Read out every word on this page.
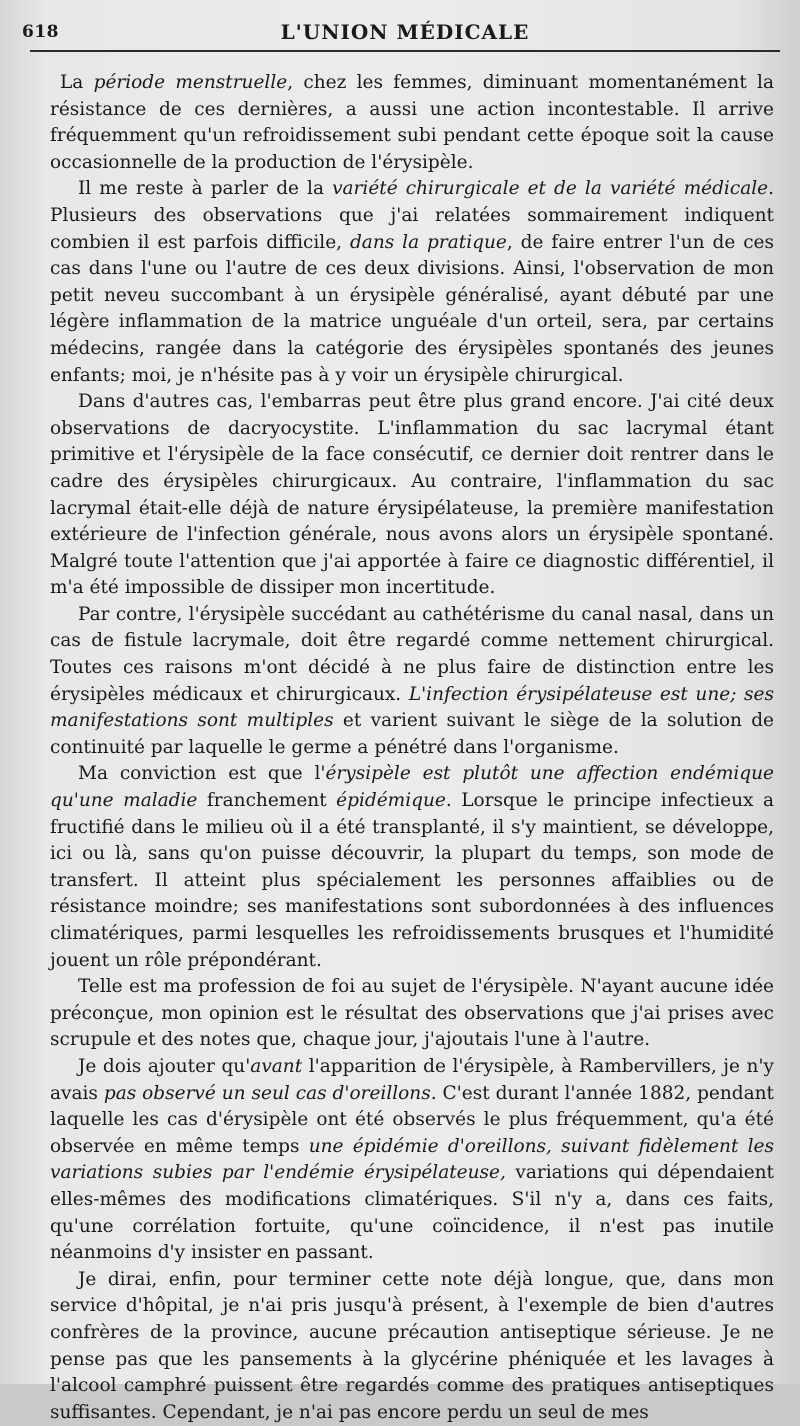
618	L'UNION MÉDICALE

La période menstruelle, chez les femmes, diminuant momentanément la résistance de ces dernières, a aussi une action incontestable. Il arrive fréquemment qu'un refroidissement subi pendant cette époque soit la cause occasionnelle de la production de l'érysipèle.

Il me reste à parler de la variété chirurgicale et de la variété médicale. Plusieurs des observations que j'ai relatées sommairement indiquent combien il est parfois difficile, dans la pratique, de faire entrer l'un de ces cas dans l'une ou l'autre de ces deux divisions. Ainsi, l'observation de mon petit neveu succombant à un érysipèle généralisé, ayant débuté par une légère inflammation de la matrice unguéale d'un orteil, sera, par certains médecins, rangée dans la catégorie des érysipèles spontanés des jeunes enfants; moi, je n'hésite pas à y voir un érysipèle chirurgical.

Dans d'autres cas, l'embarras peut être plus grand encore. J'ai cité deux observations de dacryocystite. L'inflammation du sac lacrymal étant primitive et l'érysipèle de la face consécutif, ce dernier doit rentrer dans le cadre des érysipèles chirurgicaux. Au contraire, l'inflammation du sac lacrymal était-elle déjà de nature érysipélateuse, la première manifestation extérieure de l'infection générale, nous avons alors un érysipèle spontané. Malgré toute l'attention que j'ai apportée à faire ce diagnostic différentiel, il m'a été impossible de dissiper mon incertitude.

Par contre, l'érysipèle succédant au cathétérisme du canal nasal, dans un cas de fistule lacrymale, doit être regardé comme nettement chirurgical. Toutes ces raisons m'ont décidé à ne plus faire de distinction entre les érysipèles médicaux et chirurgicaux. L'infection érysipélateuse est une; ses manifestations sont multiples et varient suivant le siège de la solution de continuité par laquelle le germe a pénétré dans l'organisme.

Ma conviction est que l'érysipèle est plutôt une affection endémique qu'une maladie franchement épidémique. Lorsque le principe infectieux a fructifié dans le milieu où il a été transplanté, il s'y maintient, se développe, ici ou là, sans qu'on puisse découvrir, la plupart du temps, son mode de transfert. Il atteint plus spécialement les personnes affaiblies ou de résistance moindre; ses manifestations sont subordonnées à des influences climatériques, parmi lesquelles les refroidissements brusques et l'humidité jouent un rôle prépondérant.

Telle est ma profession de foi au sujet de l'érysipèle. N'ayant aucune idée préconçue, mon opinion est le résultat des observations que j'ai prises avec scrupule et des notes que, chaque jour, j'ajoutais l'une à l'autre.

Je dois ajouter qu'avant l'apparition de l'érysipèle, à Rambervillers, je n'y avais pas observé un seul cas d'oreillons. C'est durant l'année 1882, pendant laquelle les cas d'érysipèle ont été observés le plus fréquemment, qu'a été observée en même temps une épidémie d'oreillons, suivant fidèlement les variations subies par l'endémie érysipélateuse, variations qui dépendaient elles-mêmes des modifications climatériques. S'il n'y a, dans ces faits, qu'une corrélation fortuite, qu'une coïncidence, il n'est pas inutile néanmoins d'y insister en passant.

Je dirai, enfin, pour terminer cette note déjà longue, que, dans mon service d'hôpital, je n'ai pris jusqu'à présent, à l'exemple de bien d'autres confrères de la province, aucune précaution antiseptique sérieuse. Je ne pense pas que les pansements à la glycérine phéniquée et les lavages à l'alcool camphré puissent être regardés comme des pratiques antiseptiques suffisantes. Cependant, je n'ai pas encore perdu un seul de mes
